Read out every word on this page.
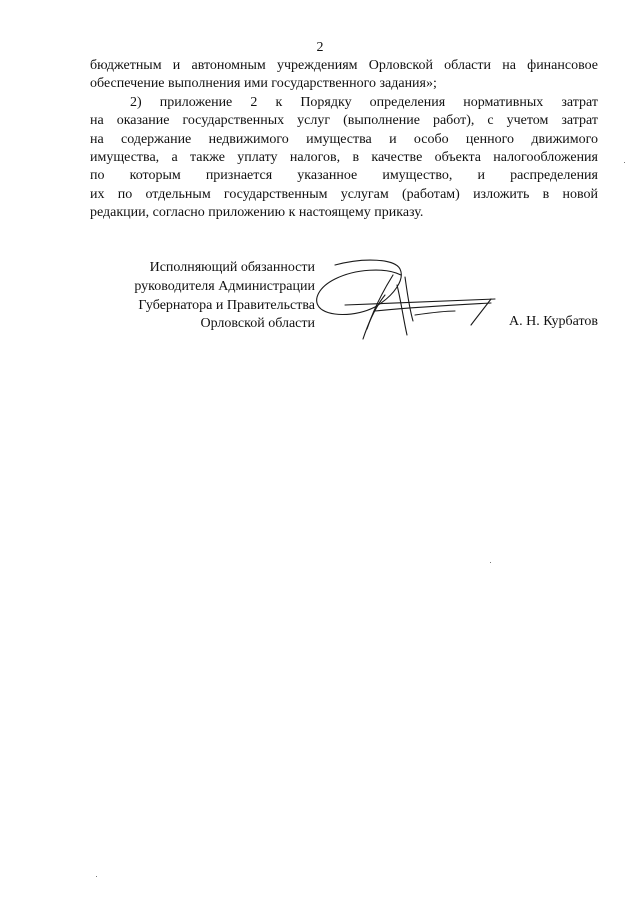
2
бюджетным и автономным учреждениям Орловской области на финансовое
обеспечение выполнения ими государственного задания»;
2) приложение 2 к Порядку определения нормативных затрат
на оказание государственных услуг (выполнение работ), с учетом затрат
на содержание недвижимого имущества и особо ценного движимого
имущества, а также уплату налогов, в качестве объекта налогообложения
по которым признается указанное имущество, и распределения
их по отдельным государственным услугам (работам) изложить в новой
редакции, согласно приложению к настоящему приказу.
Исполняющий обязанности
руководителя Администрации
Губернатора и Правительства
Орловской области	А. Н. Курбатов
